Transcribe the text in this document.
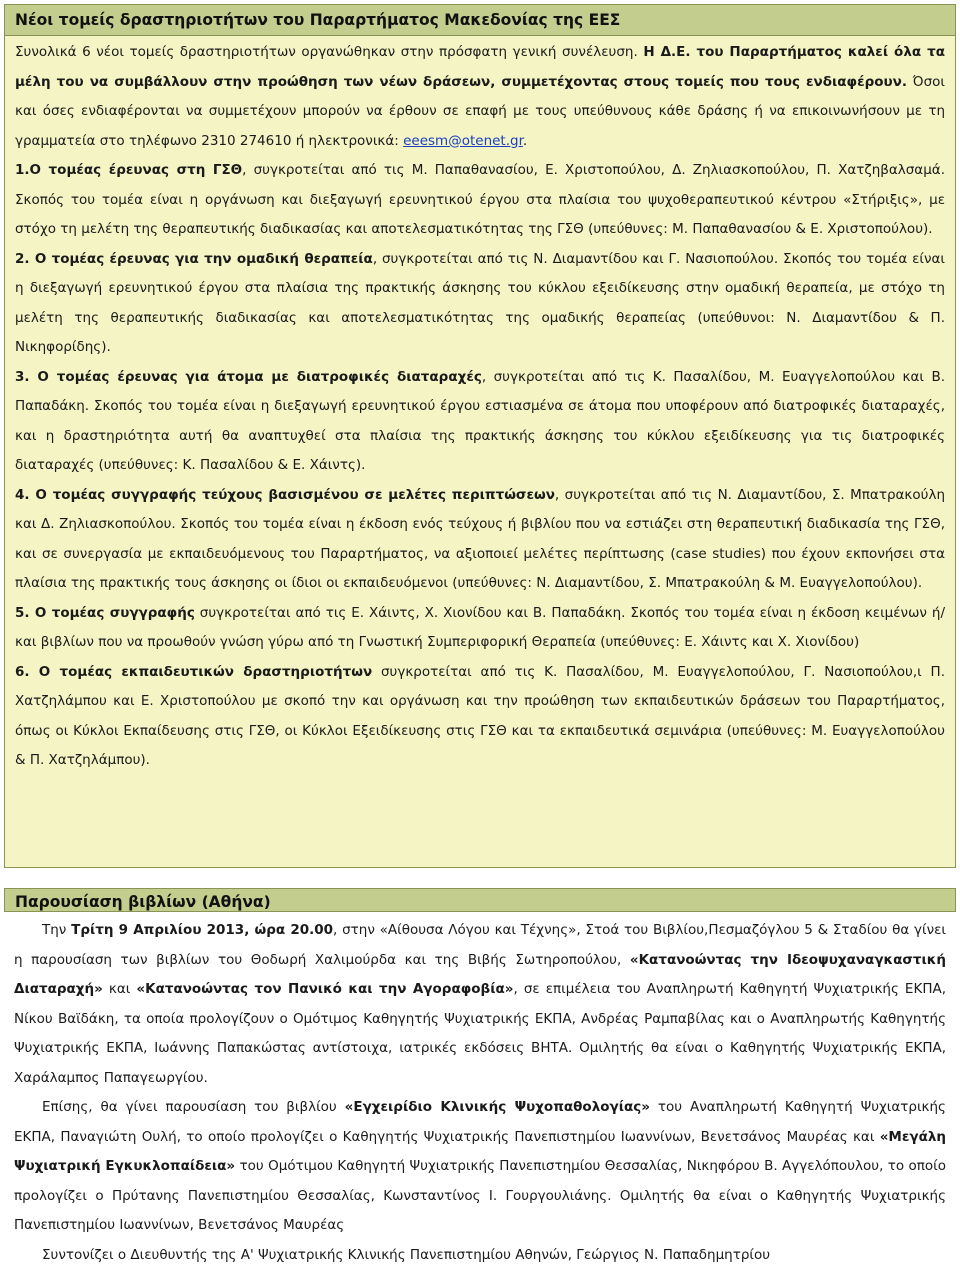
Νέοι τομείς δραστηριοτήτων του Παραρτήματος Μακεδονίας της ΕΕΣ

Συνολικά 6 νέοι τομείς δραστηριοτήτων οργανώθηκαν στην πρόσφατη γενική συνέλευση. Η Δ.Ε. του Παραρτήματος καλεί όλα τα μέλη του να συμβάλλουν στην προώθηση των νέων δράσεων, συμμετέχοντας στους τομείς που τους ενδιαφέρουν. Όσοι και όσες ενδιαφέρονται να συμμετέχουν μπορούν να έρθουν σε επαφή με τους υπεύθυνους κάθε δράσης ή να επικοινωνήσουν με τη γραμματεία στο τηλέφωνο 2310 274610 ή ηλεκτρονικά: eeesm@otenet.gr.

1.Ο τομέας έρευνας στη ΓΣΘ, συγκροτείται από τις Μ. Παπαθανασίου, Ε. Χριστοπούλου, Δ. Ζηλιασκοπούλου, Π. Χατζηβαλσαμά. Σκοπός του τομέα είναι η οργάνωση και διεξαγωγή ερευνητικού έργου στα πλαίσια του ψυχοθεραπευτικού κέντρου «Στήριξις», με στόχο τη μελέτη της θεραπευτικής διαδικασίας και αποτελεσματικότητας της ΓΣΘ (υπεύθυνες: Μ. Παπαθανασίου & Ε. Χριστοπούλου).

2. Ο τομέας έρευνας για την ομαδική θεραπεία, συγκροτείται από τις Ν. Διαμαντίδου και Γ. Νασιοπούλου. Σκοπός του τομέα είναι η διεξαγωγή ερευνητικού έργου στα πλαίσια της πρακτικής άσκησης του κύκλου εξειδίκευσης στην ομαδική θεραπεία, με στόχο τη μελέτη της θεραπευτικής διαδικασίας και αποτελεσματικότητας της ομαδικής θεραπείας (υπεύθυνοι: Ν. Διαμαντίδου & Π. Νικηφορίδης).

3. Ο τομέας έρευνας για άτομα με διατροφικές διαταραχές, συγκροτείται από τις Κ. Πασαλίδου, Μ. Ευαγγελοπούλου και Β. Παπαδάκη. Σκοπός του τομέα είναι η διεξαγωγή ερευνητικού έργου εστιασμένα σε άτομα που υποφέρουν από διατροφικές διαταραχές, και η δραστηριότητα αυτή θα αναπτυχθεί στα πλαίσια της πρακτικής άσκησης του κύκλου εξειδίκευσης για τις διατροφικές διαταραχές (υπεύθυνες: Κ. Πασαλίδου & Ε. Χάιντς).

4. Ο τομέας συγγραφής τεύχους βασισμένου σε μελέτες περιπτώσεων, συγκροτείται από τις Ν. Διαμαντίδου, Σ. Μπατρακούλη και Δ. Ζηλιασκοπούλου. Σκοπός του τομέα είναι η έκδοση ενός τεύχους ή βιβλίου που να εστιάζει στη θεραπευτική διαδικασία της ΓΣΘ, και σε συνεργασία με εκπαιδευόμενους του Παραρτήματος, να αξιοποιεί μελέτες περίπτωσης (case studies) που έχουν εκπονήσει στα πλαίσια της πρακτικής τους άσκησης οι ίδιοι οι εκπαιδευόμενοι (υπεύθυνες: Ν. Διαμαντίδου, Σ. Μπατρακούλη & Μ. Ευαγγελοπούλου).

5. Ο τομέας συγγραφής συγκροτείται από τις Ε. Χάιντς, Χ. Χιονίδου και Β. Παπαδάκη. Σκοπός του τομέα είναι η έκδοση κειμένων ή/και βιβλίων που να προωθούν γνώση γύρω από τη Γνωστική Συμπεριφορική Θεραπεία (υπεύθυνες: Ε. Χάιντς και Χ. Χιονίδου)

6. Ο τομέας εκπαιδευτικών δραστηριοτήτων συγκροτείται από τις Κ. Πασαλίδου, Μ. Ευαγγελοπούλου, Γ. Νασιοπούλου,ι Π. Χατζηλάμπου και Ε. Χριστοπούλου με σκοπό την και οργάνωση και την προώθηση των εκπαιδευτικών δράσεων του Παραρτήματος, όπως οι Κύκλοι Εκπαίδευσης στις ΓΣΘ, οι Κύκλοι Εξειδίκευσης στις ΓΣΘ και τα εκπαιδευτικά σεμινάρια (υπεύθυνες: Μ. Ευαγγελοπούλου & Π. Χατζηλάμπου).

Παρουσίαση βιβλίων (Αθήνα)

Την Τρίτη 9 Απριλίου 2013, ώρα 20.00, στην «Αίθουσα Λόγου και Τέχνης», Στοά του Βιβλίου,Πεσμαζόγλου 5 & Σταδίου θα γίνει η παρουσίαση των βιβλίων του Θοδωρή Χαλιμούρδα και της Βιβής Σωτηροπούλου, «Κατανοώντας την Ιδεοψυχαναγκαστική Διαταραχή» και «Κατανοώντας τον Πανικό και την Αγοραφοβία», σε επιμέλεια του Αναπληρωτή Καθηγητή Ψυχιατρικής ΕΚΠΑ, Νίκου Βαϊδάκη, τα οποία προλογίζουν ο Ομότιμος Καθηγητής Ψυχιατρικής ΕΚΠΑ, Ανδρέας Ραμπαβίλας και ο Αναπληρωτής Καθηγητής Ψυχιατρικής ΕΚΠΑ, Ιωάννης Παπακώστας αντίστοιχα, ιατρικές εκδόσεις ΒΗΤΑ. Ομιλητής θα είναι ο Καθηγητής Ψυχιατρικής ΕΚΠΑ, Χαράλαμπος Παπαγεωργίου.

Επίσης, θα γίνει παρουσίαση του βιβλίου «Εγχειρίδιο Κλινικής Ψυχοπαθολογίας» του Αναπληρωτή Καθηγητή Ψυχιατρικής ΕΚΠΑ, Παναγιώτη Ουλή, το οποίο προλογίζει ο Καθηγητής Ψυχιατρικής Πανεπιστημίου Ιωαννίνων, Βενετσάνος Μαυρέας και «Μεγάλη Ψυχιατρική Εγκυκλοπαίδεια» του Ομότιμου Καθηγητή Ψυχιατρικής Πανεπιστημίου Θεσσαλίας, Νικηφόρου Β. Αγγελόπουλου, το οποίο προλογίζει ο Πρύτανης Πανεπιστημίου Θεσσαλίας, Κωνσταντίνος Ι. Γουργουλιάνης. Ομιλητής θα είναι ο Καθηγητής Ψυχιατρικής Πανεπιστημίου Ιωαννίνων, Βενετσάνος Μαυρέας

Συντονίζει ο Διευθυντής της Α' Ψυχιατρικής Κλινικής Πανεπιστημίου Αθηνών, Γεώργιος Ν. Παπαδημητρίου
